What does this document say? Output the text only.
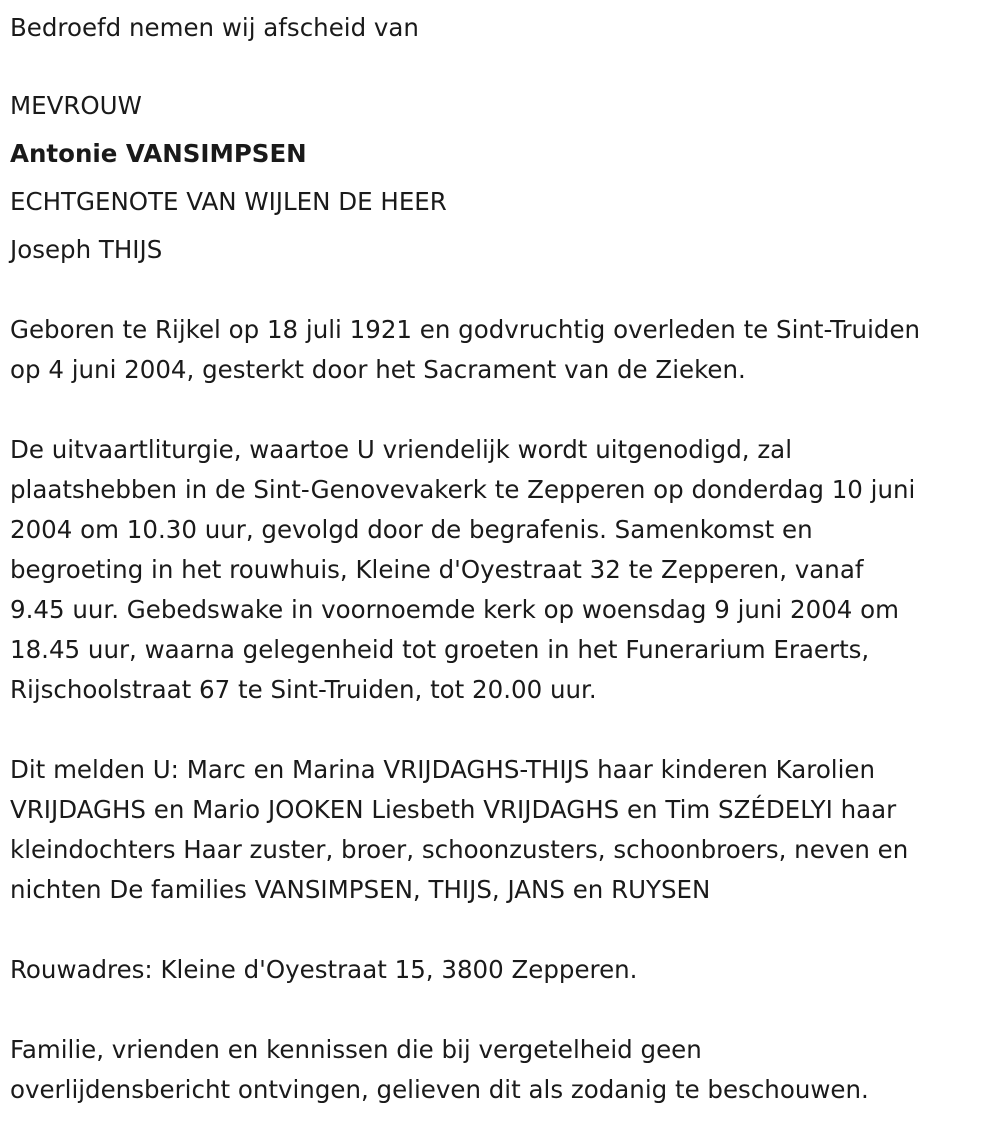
Bedroefd nemen wij afscheid van
MEVROUW
Antonie VANSIMPSEN
ECHTGENOTE VAN WIJLEN DE HEER
Joseph THIJS
Geboren te Rijkel op 18 juli 1921 en godvruchtig overleden te Sint-Truiden
op 4 juni 2004, gesterkt door het Sacrament van de Zieken.
De uitvaartliturgie, waartoe U vriendelijk wordt uitgenodigd, zal
plaatshebben in de Sint-Genovevakerk te Zepperen op donderdag 10 juni
2004 om 10.30 uur, gevolgd door de begrafenis. Samenkomst en
begroeting in het rouwhuis, Kleine d'Oyestraat 32 te Zepperen, vanaf
9.45 uur. Gebedswake in voornoemde kerk op woensdag 9 juni 2004 om
18.45 uur, waarna gelegenheid tot groeten in het Funerarium Eraerts,
Rijschoolstraat 67 te Sint-Truiden, tot 20.00 uur.
Dit melden U: Marc en Marina VRIJDAGHS-THIJS haar kinderen Karolien
VRIJDAGHS en Mario JOOKEN Liesbeth VRIJDAGHS en Tim SZÉDELYI haar
kleindochters Haar zuster, broer, schoonzusters, schoonbroers, neven en
nichten De families VANSIMPSEN, THIJS, JANS en RUYSEN
Rouwadres: Kleine d'Oyestraat 15, 3800 Zepperen.
Familie, vrienden en kennissen die bij vergetelheid geen
overlijdensbericht ontvingen, gelieven dit als zodanig te beschouwen.
